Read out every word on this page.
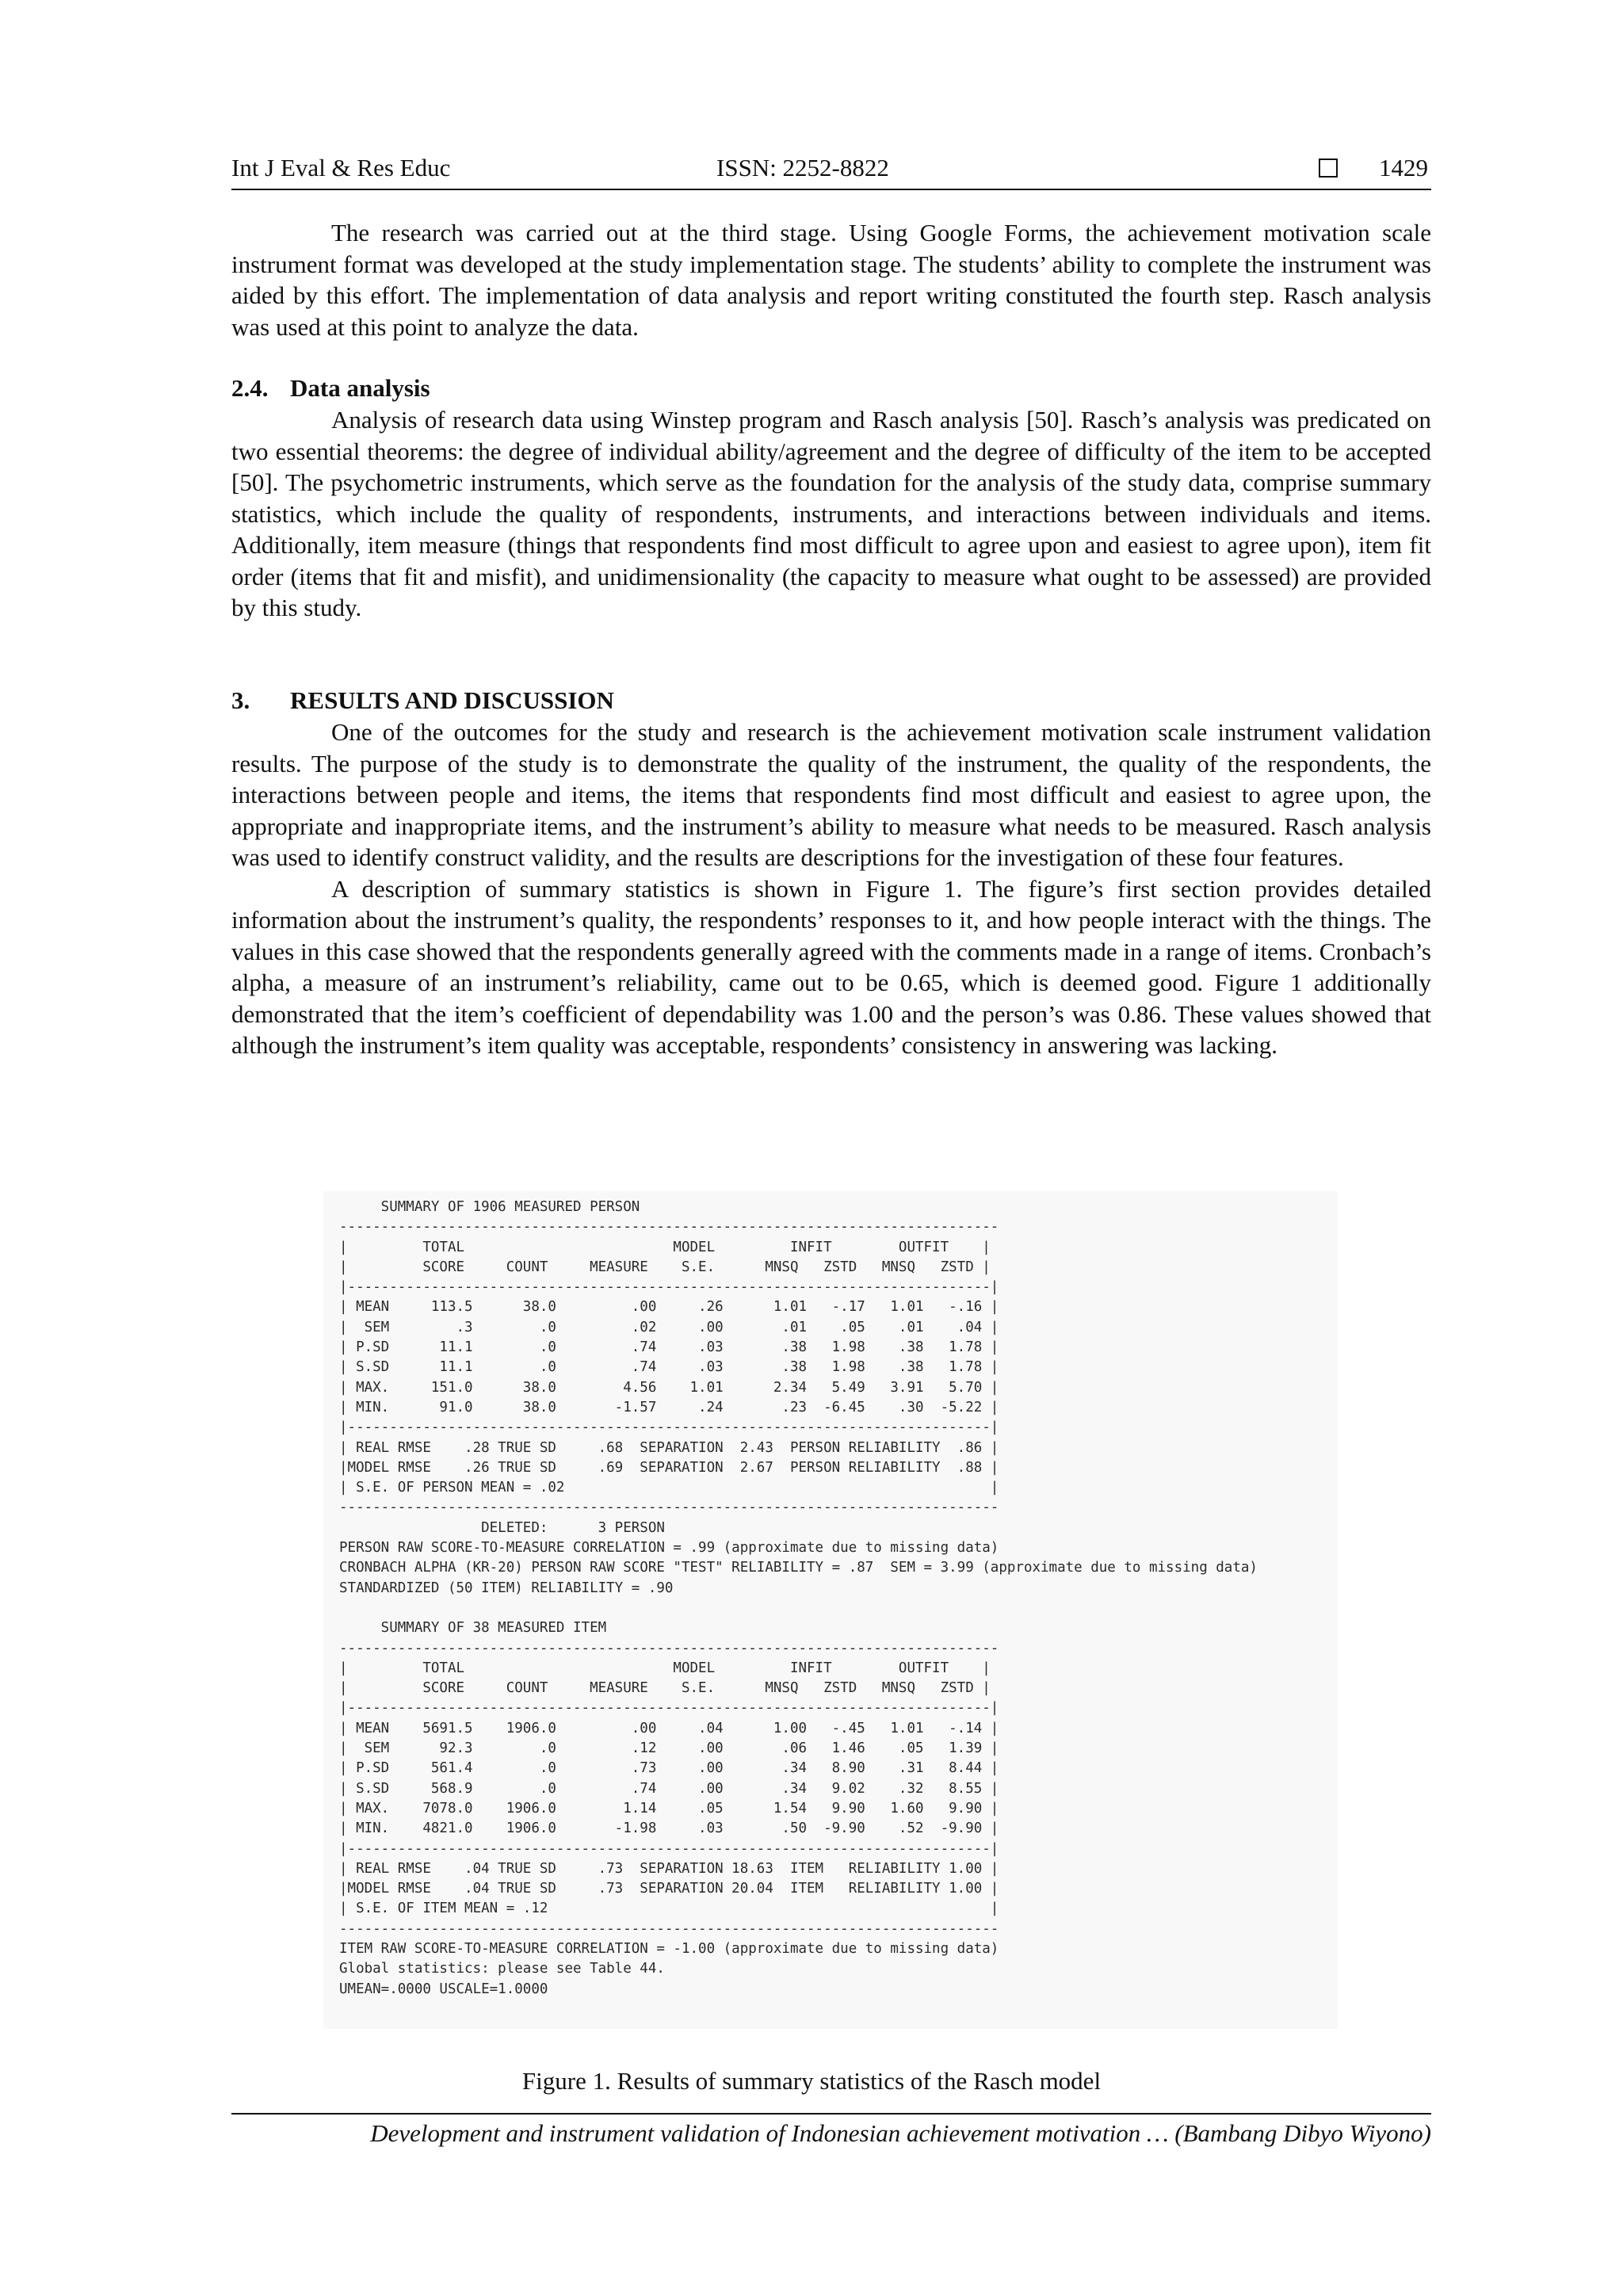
Int J Eval & Res Educ	ISSN: 2252-8822	1429

The research was carried out at the third stage. Using Google Forms, the achievement motivation scale instrument format was developed at the study implementation stage. The students’ ability to complete the instrument was aided by this effort. The implementation of data analysis and report writing constituted the fourth step. Rasch analysis was used at this point to analyze the data.

2.4. Data analysis

Analysis of research data using Winstep program and Rasch analysis [50]. Rasch’s analysis was predicated on two essential theorems: the degree of individual ability/agreement and the degree of difficulty of the item to be accepted [50]. The psychometric instruments, which serve as the foundation for the analysis of the study data, comprise summary statistics, which include the quality of respondents, instruments, and interactions between individuals and items. Additionally, item measure (things that respondents find most difficult to agree upon and easiest to agree upon), item fit order (items that fit and misfit), and unidimensionality (the capacity to measure what ought to be assessed) are provided by this study.

3. RESULTS AND DISCUSSION

One of the outcomes for the study and research is the achievement motivation scale instrument validation results. The purpose of the study is to demonstrate the quality of the instrument, the quality of the respondents, the interactions between people and items, the items that respondents find most difficult and easiest to agree upon, the appropriate and inappropriate items, and the instrument’s ability to measure what needs to be measured. Rasch analysis was used to identify construct validity, and the results are descriptions for the investigation of these four features.

A description of summary statistics is shown in Figure 1. The figure’s first section provides detailed information about the instrument’s quality, the respondents’ responses to it, and how people interact with the things. The values in this case showed that the respondents generally agreed with the comments made in a range of items. Cronbach’s alpha, a measure of an instrument’s reliability, came out to be 0.65, which is deemed good. Figure 1 additionally demonstrated that the item’s coefficient of dependability was 1.00 and the person’s was 0.86. These values showed that although the instrument’s item quality was acceptable, respondents’ consistency in answering was lacking.

SUMMARY OF 1906 MEASURED PERSON
-------------------------------------------------------------------------------
|         TOTAL                         MODEL         INFIT        OUTFIT    |
|         SCORE     COUNT     MEASURE    S.E.      MNSQ   ZSTD   MNSQ   ZSTD |
|-----------------------------------------------------------------------------|
| MEAN     113.5      38.0         .00     .26      1.01   -.17   1.01   -.16 |
|  SEM        .3        .0         .02     .00       .01    .05    .01    .04 |
| P.SD      11.1        .0         .74     .03       .38   1.98    .38   1.78 |
| S.SD      11.1        .0         .74     .03       .38   1.98    .38   1.78 |
| MAX.     151.0      38.0        4.56    1.01      2.34   5.49   3.91   5.70 |
| MIN.      91.0      38.0       -1.57     .24       .23  -6.45    .30  -5.22 |
|-----------------------------------------------------------------------------|
| REAL RMSE    .28 TRUE SD     .68  SEPARATION  2.43  PERSON RELIABILITY  .86 |
|MODEL RMSE    .26 TRUE SD     .69  SEPARATION  2.67  PERSON RELIABILITY  .88 |
| S.E. OF PERSON MEAN = .02                                                   |
-------------------------------------------------------------------------------
DELETED:      3 PERSON
PERSON RAW SCORE-TO-MEASURE CORRELATION = .99 (approximate due to missing data)
CRONBACH ALPHA (KR-20) PERSON RAW SCORE "TEST" RELIABILITY = .87  SEM = 3.99 (approximate due to missing data)
STANDARDIZED (50 ITEM) RELIABILITY = .90

SUMMARY OF 38 MEASURED ITEM
-------------------------------------------------------------------------------
|         TOTAL                         MODEL         INFIT        OUTFIT    |
|         SCORE     COUNT     MEASURE    S.E.      MNSQ   ZSTD   MNSQ   ZSTD |
|-----------------------------------------------------------------------------|
| MEAN    5691.5    1906.0         .00     .04      1.00   -.45   1.01   -.14 |
|  SEM      92.3        .0         .12     .00       .06   1.46    .05   1.39 |
| P.SD     561.4        .0         .73     .00       .34   8.90    .31   8.44 |
| S.SD     568.9        .0         .74     .00       .34   9.02    .32   8.55 |
| MAX.    7078.0    1906.0        1.14     .05      1.54   9.90   1.60   9.90 |
| MIN.    4821.0    1906.0       -1.98     .03       .50  -9.90    .52  -9.90 |
|-----------------------------------------------------------------------------|
| REAL RMSE    .04 TRUE SD     .73  SEPARATION 18.63  ITEM   RELIABILITY 1.00 |
|MODEL RMSE    .04 TRUE SD     .73  SEPARATION 20.04  ITEM   RELIABILITY 1.00 |
| S.E. OF ITEM MEAN = .12                                                     |
-------------------------------------------------------------------------------
ITEM RAW SCORE-TO-MEASURE CORRELATION = -1.00 (approximate due to missing data)
Global statistics: please see Table 44.
UMEAN=.0000 USCALE=1.0000
Figure 1. Results of summary statistics of the Rasch model
Development and instrument validation of Indonesian achievement motivation … (Bambang Dibyo Wiyono)
